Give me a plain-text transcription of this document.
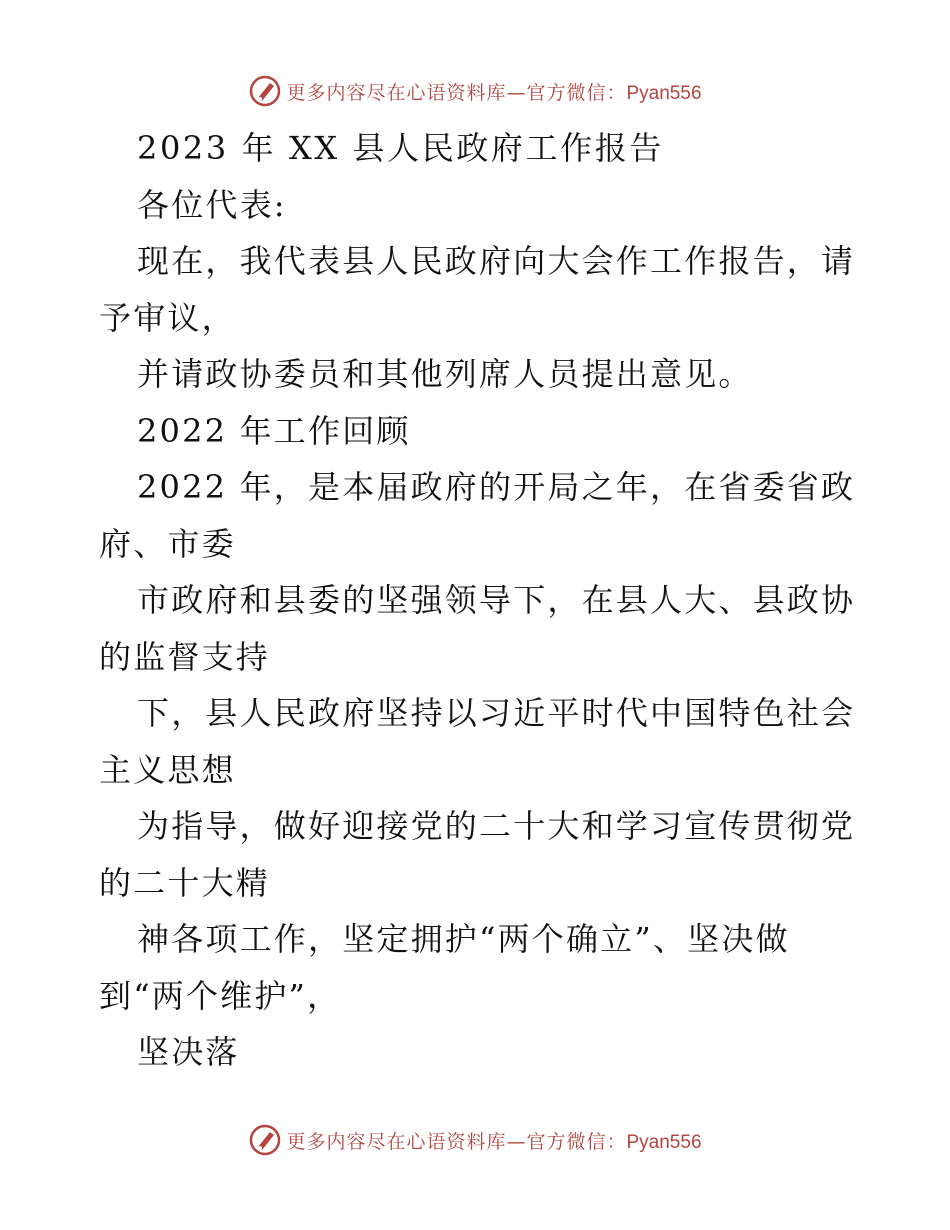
更多内容尽在心语资料库—官方微信：Pyan556

2023 年 XX 县人民政府工作报告

各位代表:

现在，我代表县人民政府向大会作工作报告，请予审议，

并请政协委员和其他列席人员提出意见。

2022 年工作回顾

2022 年，是本届政府的开局之年，在省委省政府、市委

市政府和县委的坚强领导下，在县人大、县政协的监督支持

下，县人民政府坚持以习近平时代中国特色社会主义思想

为指导，做好迎接党的二十大和学习宣传贯彻党的二十大精

神各项工作，坚定拥护“两个确立”、坚决做到“两个维护”，

坚决落

更多内容尽在心语资料库—官方微信：Pyan556
